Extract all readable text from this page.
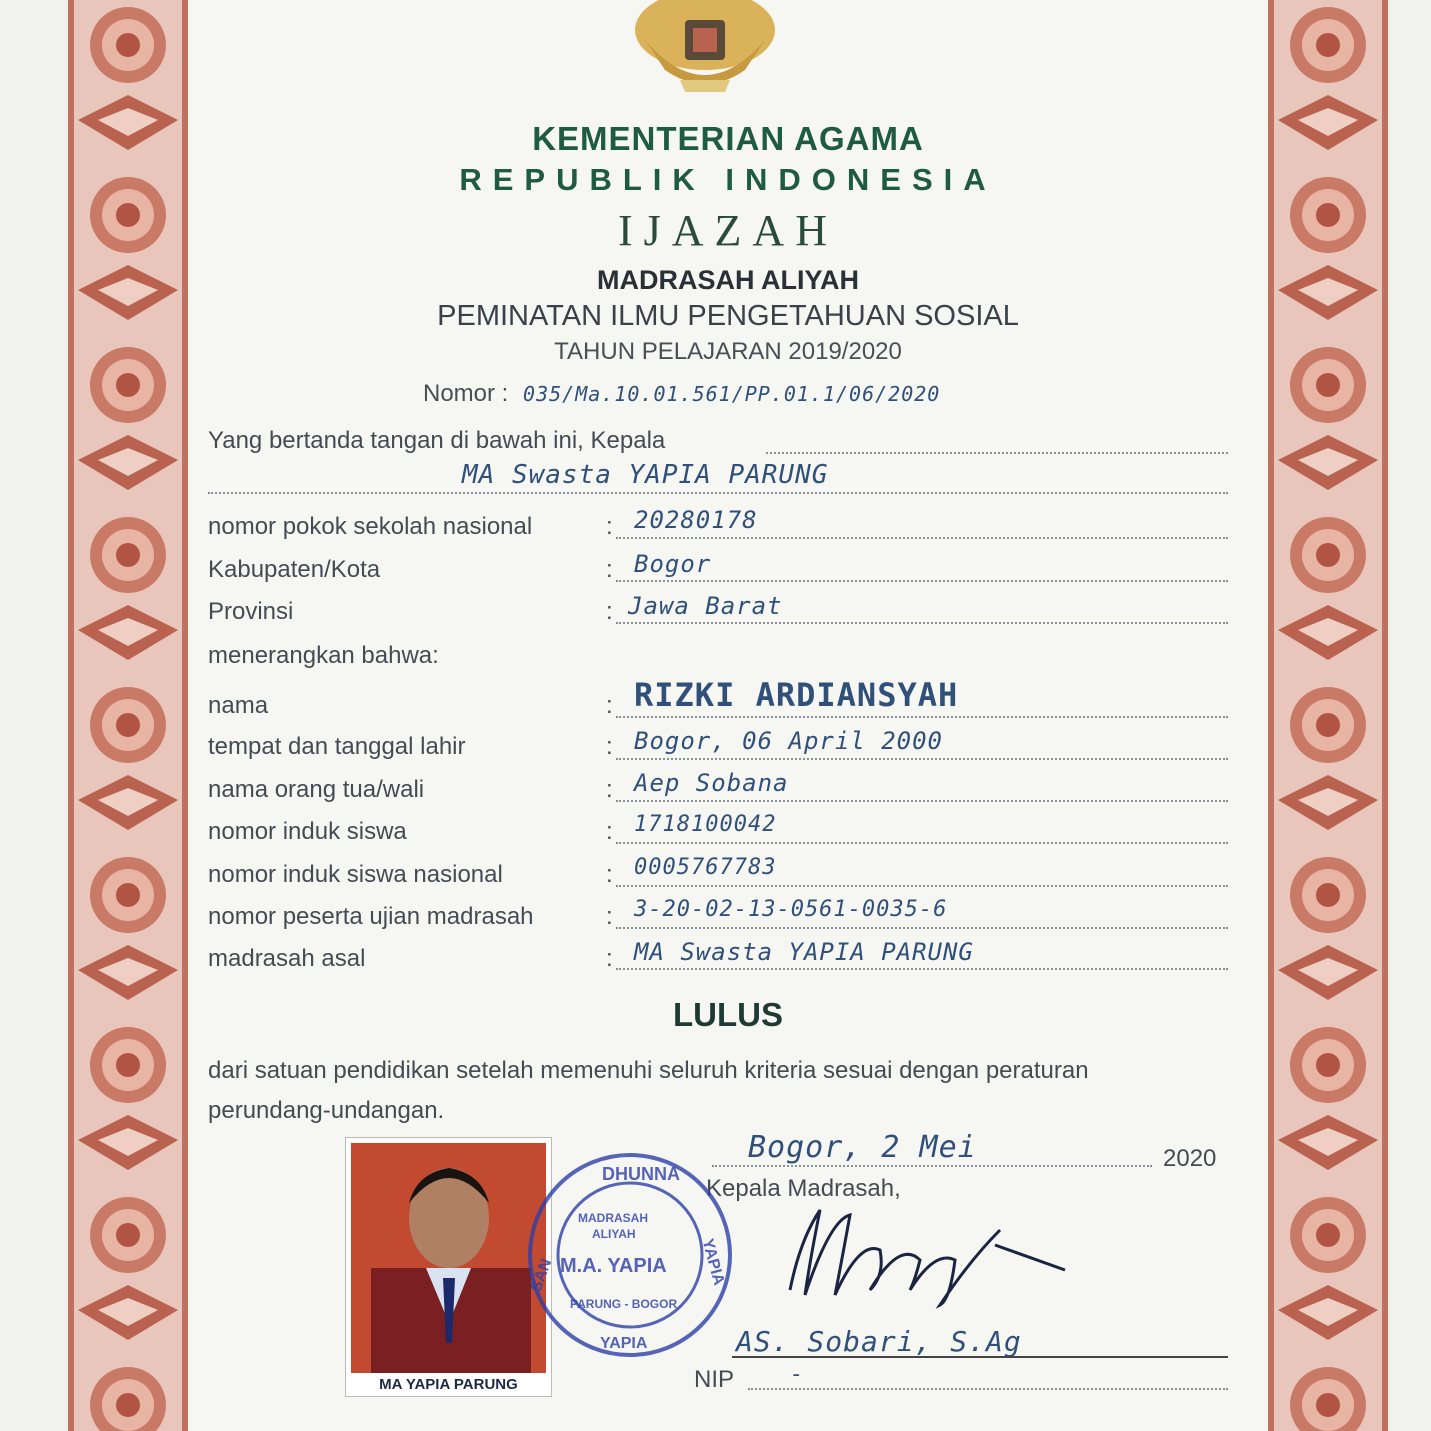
KEMENTERIAN AGAMA
REPUBLIK INDONESIA
IJAZAH
MADRASAH ALIYAH
PEMINATAN ILMU PENGETAHUAN SOSIAL
TAHUN PELAJARAN 2019/2020
Nomor : 035/Ma.10.01.561/PP.01.1/06/2020
Yang bertanda tangan di bawah ini, Kepala
MA Swasta YAPIA PARUNG
nomor pokok sekolah nasional	: 20280178
Kabupaten/Kota	: Bogor
Provinsi	: Jawa Barat
menerangkan bahwa:
nama	: RIZKI ARDIANSYAH
tempat dan tanggal lahir	: Bogor, 06 April 2000
nama orang tua/wali	: Aep Sobana
nomor induk siswa	: 1718100042
nomor induk siswa nasional	: 0005767783
nomor peserta ujian madrasah	: 3-20-02-13-0561-0035-6
madrasah asal	: MA Swasta YAPIA PARUNG
LULUS
dari satuan pendidikan setelah memenuhi seluruh kriteria sesuai dengan peraturan
perundang-undangan.
Bogor, 2 Mei	2020
Kepala Madrasah,
AS. Sobari, S.Ag
NIP	-
MA YAPIA PARUNG
DHUNNA
SAN	YAPIA
MADRASAH
ALIYAH
M.A. YAPIA
PARUNG - BOGOR
YAPIA
